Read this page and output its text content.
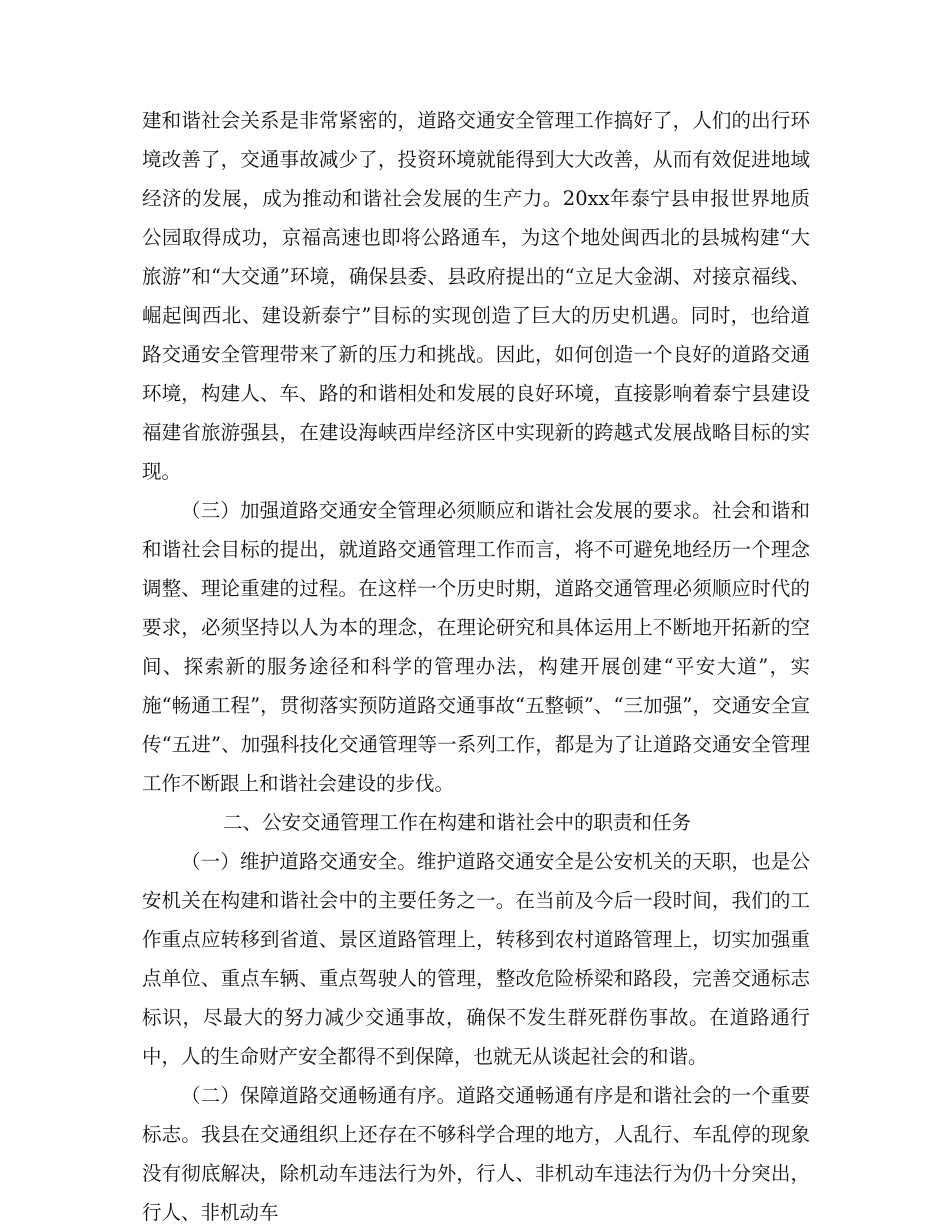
建和谐社会关系是非常紧密的，道路交通安全管理工作搞好了，人们的出行环境改善了，交通事故减少了，投资环境就能得到大大改善，从而有效促进地域经济的发展，成为推动和谐社会发展的生产力。20xx年泰宁县申报世界地质公园取得成功，京福高速也即将公路通车，为这个地处闽西北的县城构建“大旅游”和“大交通”环境，确保县委、县政府提出的“立足大金湖、对接京福线、崛起闽西北、建设新泰宁”目标的实现创造了巨大的历史机遇。同时，也给道路交通安全管理带来了新的压力和挑战。因此，如何创造一个良好的道路交通环境，构建人、车、路的和谐相处和发展的良好环境，直接影响着泰宁县建设福建省旅游强县，在建设海峡西岸经济区中实现新的跨越式发展战略目标的实现。

（三）加强道路交通安全管理必须顺应和谐社会发展的要求。社会和谐和和谐社会目标的提出，就道路交通管理工作而言，将不可避免地经历一个理念调整、理论重建的过程。在这样一个历史时期，道路交通管理必须顺应时代的要求，必须坚持以人为本的理念，在理论研究和具体运用上不断地开拓新的空间、探索新的服务途径和科学的管理办法，构建开展创建“平安大道”，实施“畅通工程”，贯彻落实预防道路交通事故“五整顿”、“三加强”，交通安全宣传“五进”、加强科技化交通管理等一系列工作，都是为了让道路交通安全管理工作不断跟上和谐社会建设的步伐。

二、公安交通管理工作在构建和谐社会中的职责和任务

（一）维护道路交通安全。维护道路交通安全是公安机关的天职，也是公安机关在构建和谐社会中的主要任务之一。在当前及今后一段时间，我们的工作重点应转移到省道、景区道路管理上，转移到农村道路管理上，切实加强重点单位、重点车辆、重点驾驶人的管理，整改危险桥梁和路段，完善交通标志标识，尽最大的努力减少交通事故，确保不发生群死群伤事故。在道路通行中，人的生命财产安全都得不到保障，也就无从谈起社会的和谐。

（二）保障道路交通畅通有序。道路交通畅通有序是和谐社会的一个重要标志。我县在交通组织上还存在不够科学合理的地方，人乱行、车乱停的现象没有彻底解决，除机动车违法行为外，行人、非机动车违法行为仍十分突出，行人、非机动车
